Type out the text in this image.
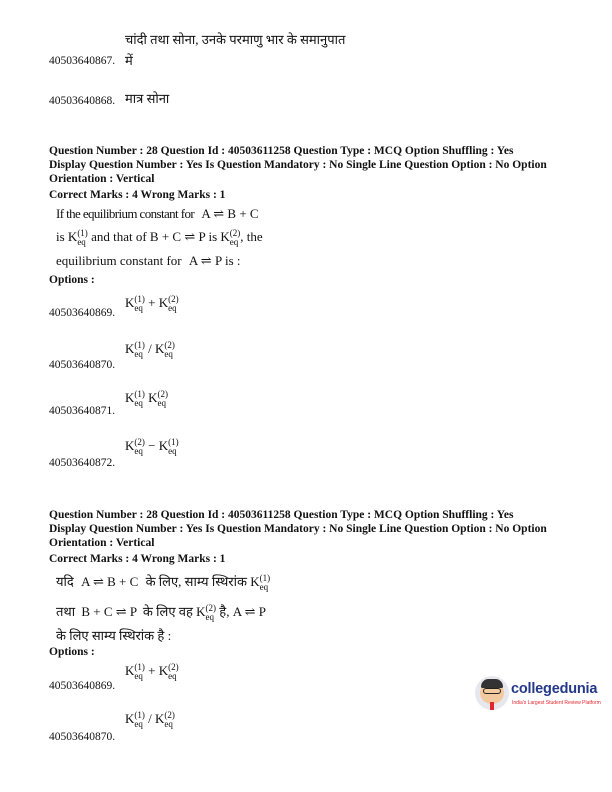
चांदी तथा सोना, उनके परमाणु भार के समानुपात
40503640867. में
40503640868. मात्र सोना
Question Number : 28 Question Id : 40503611258 Question Type : MCQ Option Shuffling : Yes
Display Question Number : Yes Is Question Mandatory : No Single Line Question Option : No Option
Orientation : Vertical
Correct Marks : 4 Wrong Marks : 1
If the equilibrium constant for A ⇌ B + C
is K (1)
eq and that of B + C ⇌ P is K (2)
eq , the
equilibrium constant for A ⇌ P is :
Options :
40503640869.
K (1)
eq + K (2)
eq
40503640870.
K (1)
eq / K (2)
eq
40503640871.
K (1)
eq K (2)
eq
40503640872.
K (2)
eq − K (1)
eq
Question Number : 28 Question Id : 40503611258 Question Type : MCQ Option Shuffling : Yes
Display Question Number : Yes Is Question Mandatory : No Single Line Question Option : No Option
Orientation : Vertical
Correct Marks : 4 Wrong Marks : 1
यदि A ⇌ B + C के लिए, साम्य स्थिरांक K (1)
eq
तथा B + C ⇌ P के लिए वह K (2)
eq है, A ⇌ P
के लिए साम्य स्थिरांक है :
Options :
40503640869.
K (1)
eq + K (2)
eq
40503640870.
K (1)
eq / K (2)
eq
collegedunia
India's Largest Student Review Platform
